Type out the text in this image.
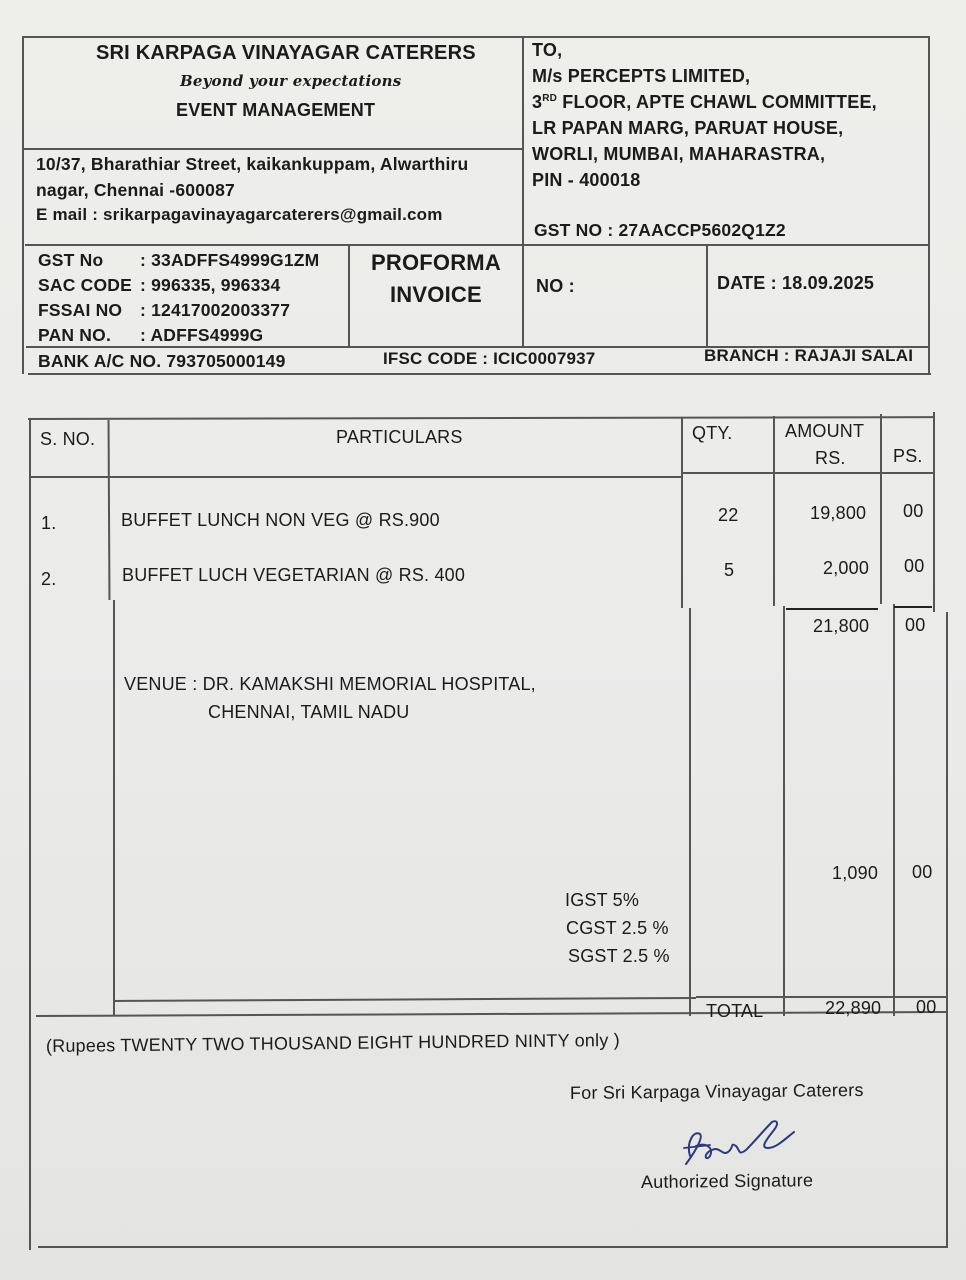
SRI KARPAGA VINAYAGAR CATERERS
Beyond your expectations
EVENT MANAGEMENT
10/37, Bharathiar Street, kaikankuppam, Alwarthiru
nagar, Chennai -600087
E mail : srikarpagavinayagarcaterers@gmail.com
TO,
M/s PERCEPTS LIMITED,
3RD FLOOR, APTE CHAWL COMMITTEE,
LR PAPAN MARG, PARUAT HOUSE,
WORLI, MUMBAI, MAHARASTRA,
PIN - 400018
GST NO : 27AACCP5602Q1Z2
GST No : 33ADFFS4999G1ZM
SAC CODE : 996335, 996334
FSSAI NO : 12417002003377
PAN NO. : ADFFS4999G
PROFORMA
INVOICE	NO :	DATE : 18.09.2025
BANK A/C NO. 793705000149	IFSC CODE : ICIC0007937	BRANCH : RAJAJI SALAI
S. NO.	PARTICULARS	QTY.	AMOUNT
RS.	PS.
1.	BUFFET LUNCH NON VEG @ RS.900	22	19,800 00
2.	BUFFET LUCH VEGETARIAN @ RS. 400	5	2,000 00
21,800 00
VENUE : DR. KAMAKSHI MEMORIAL HOSPITAL,
CHENNAI, TAMIL NADU
1,090 00
IGST 5%
CGST 2.5 %
SGST 2.5 %
TOTAL	22,890 00
(Rupees TWENTY TWO THOUSAND EIGHT HUNDRED NINTY only )
For Sri Karpaga Vinayagar Caterers
Authorized Signature
